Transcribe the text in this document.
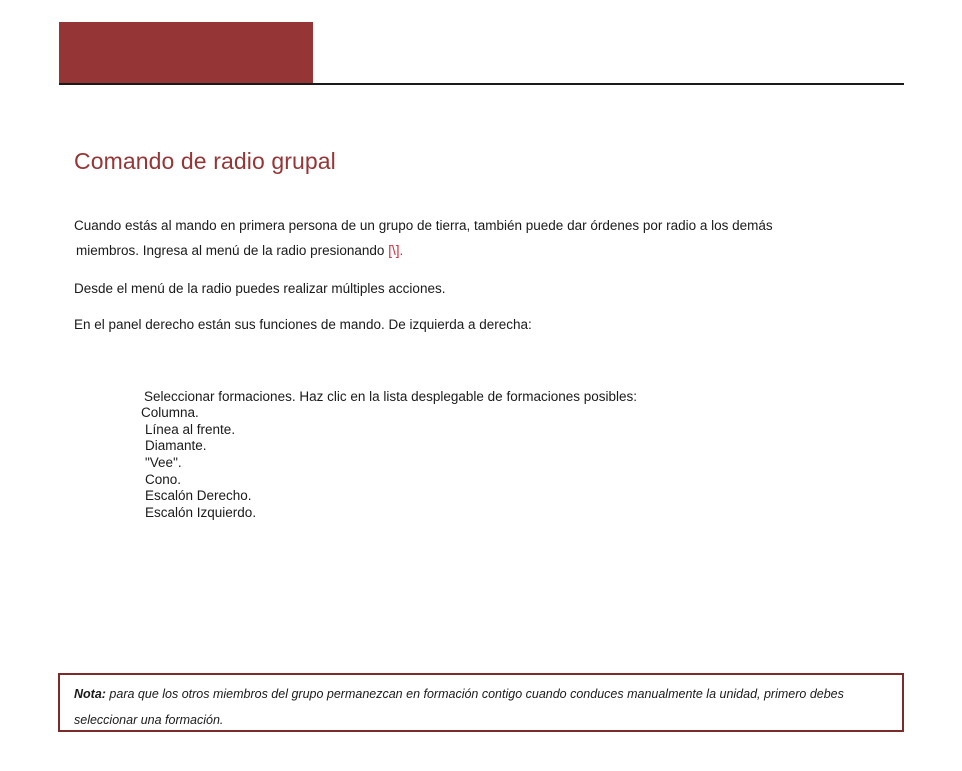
Comando de radio grupal

Cuando estás al mando en primera persona de un grupo de tierra, también puede dar órdenes por radio a los demás

miembros. Ingresa al menú de la radio presionando [\].

Desde el menú de la radio puedes realizar múltiples acciones.

En el panel derecho están sus funciones de mando. De izquierda a derecha:

Seleccionar formaciones. Haz clic en la lista desplegable de formaciones posibles:

Columna.
Línea al frente.
Diamante.
"Vee".
Cono.
Escalón Derecho.
Escalón Izquierdo.

Nota: para que los otros miembros del grupo permanezcan en formación contigo cuando conduces manualmente la unidad, primero debes seleccionar una formación.
